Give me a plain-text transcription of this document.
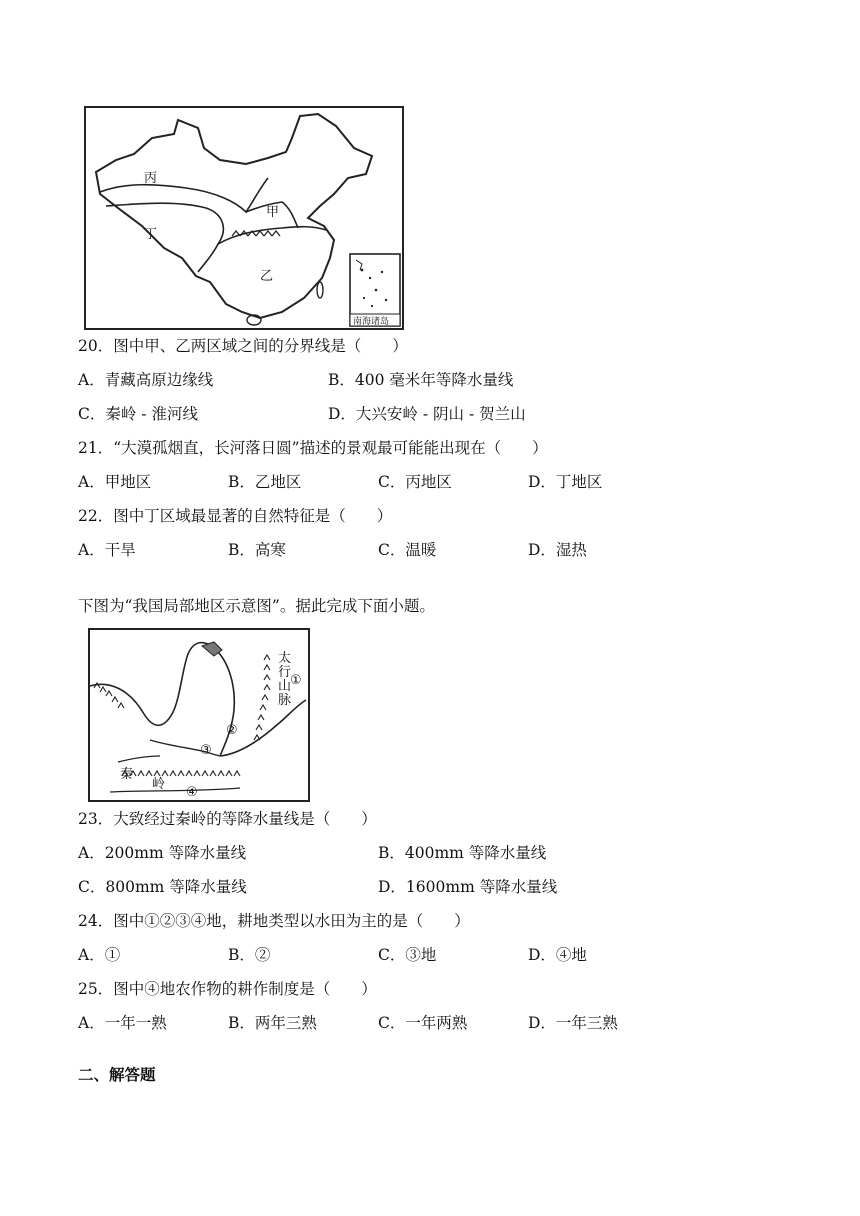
丙
甲
丁
乙
南海诸岛
20．图中甲、乙两区域之间的分界线是（　　）
A．青藏高原边缘线	B．400 毫米年等降水量线
C．秦岭 - 淮河线	D．大兴安岭 - 阴山 - 贺兰山
21．“大漠孤烟直，长河落日圆”描述的景观最可能能出现在（　　）
A．甲地区	B．乙地区	C．丙地区	D．丁地区
22．图中丁区域最显著的自然特征是（　　）
A．干旱	B．高寒	C．温暖	D．湿热
下图为“我国局部地区示意图”。据此完成下面小题。
太
行
山
脉
秦
岭
①
②
③
④
23．大致经过秦岭的等降水量线是（　　）
A．200mm 等降水量线	B．400mm 等降水量线
C．800mm 等降水量线	D．1600mm 等降水量线
24．图中①②③④地，耕地类型以水田为主的是（　　）
A．①	B．②	C．③地	D．④地
25．图中④地农作物的耕作制度是（　　）
A．一年一熟	B．两年三熟	C．一年两熟	D．一年三熟
二、解答题
